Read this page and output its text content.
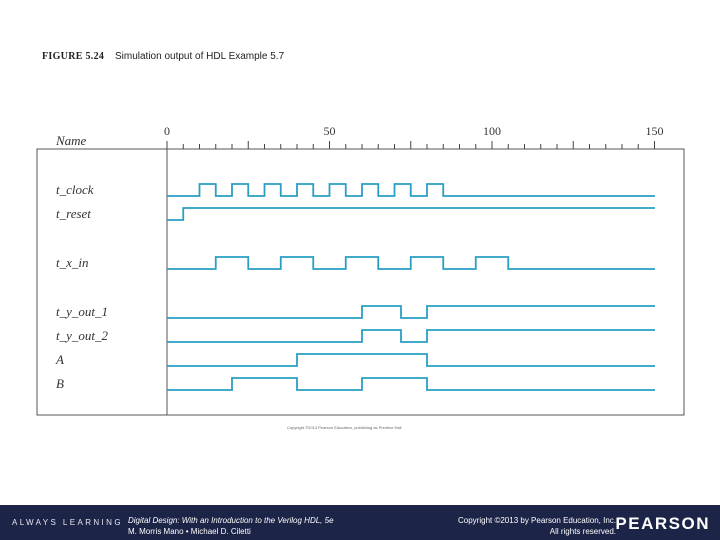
FIGURE 5.24 Simulation output of HDL Example 5.7
Name
0	50	100	150
t_clock
t_reset
t_x_in
t_y_out_1
t_y_out_2
A
B
Copyright ©2013 Pearson Education, publishing as Prentice Hall
ALWAYS LEARNING Digital Design: With an Introduction to the Verilog HDL, 5e
M. Morris Mano • Michael D. Ciletti
Copyright ©2013 by Pearson Education, Inc.
All rights reserved. PEARSON
